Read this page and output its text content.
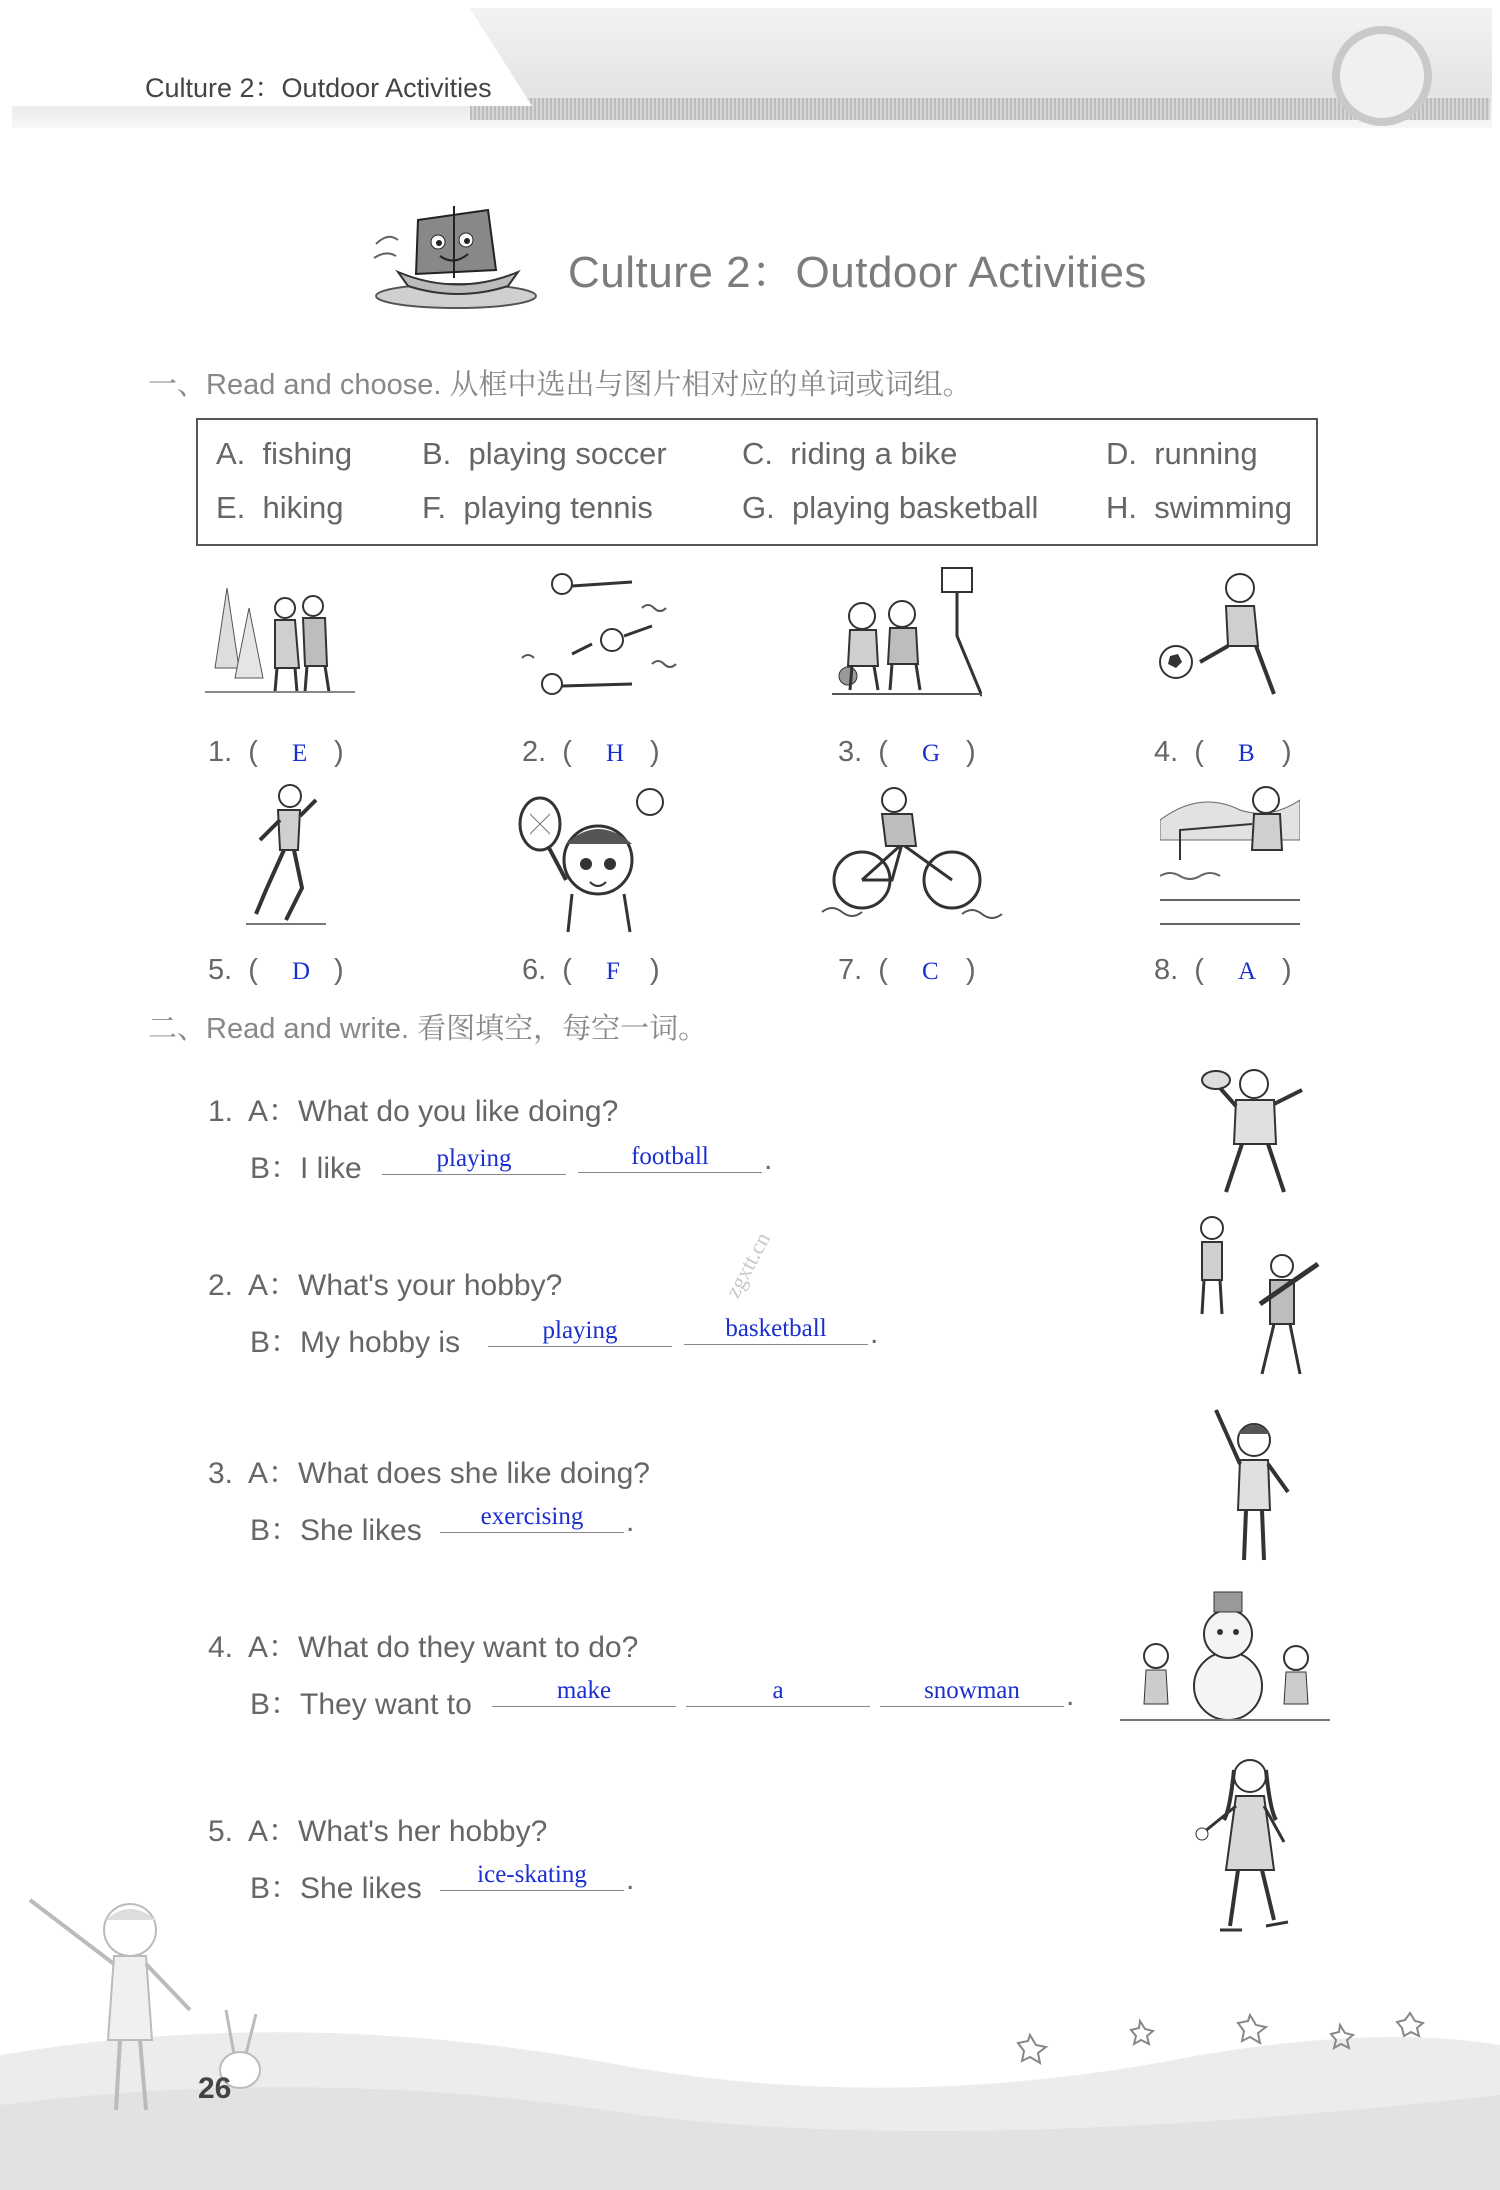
Culture 2：Outdoor Activities
Culture 2：Outdoor Activities
一、Read and choose. 从框中选出与图片相对应的单词或词组。
A. fishing B. playing soccer C. riding a bike	D. running
E. hiking	F. playing tennis	G. playing basketball H. swimming
1.  ( E )	2.  ( H )	3.  ( G )	4.  ( B )
5.  ( D )	6.  ( F )	7.  ( C )	8.  ( A )
二、Read and write. 看图填空，每空一词。
1. A：What do you like doing?
B：I like	playing	football	.
2. A：What's your hobby?
B：My hobby is	playing	basketball	.
3. A：What does she like doing?
B：She likes	exercising	.
4. A：What do they want to do?
B：They want to	make	a	snowman	.
5. A：What's her hobby?
B：She likes	ice-skating	.
zgxtt.cn
26
